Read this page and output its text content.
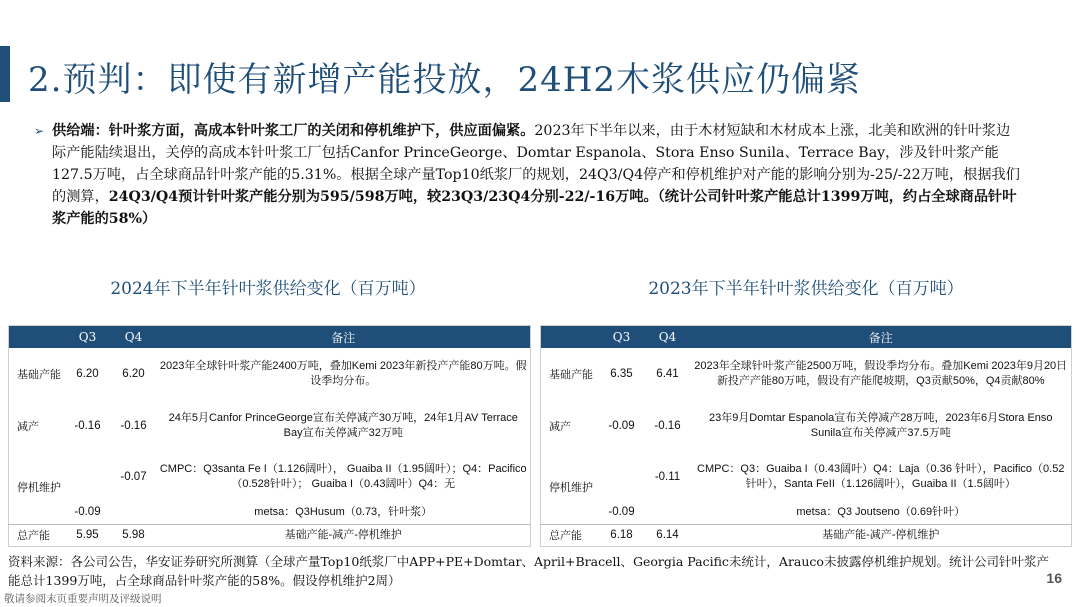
2.预判：即使有新增产能投放，24H2木浆供应仍偏紧
➢ 供给端：针叶浆方面，高成本针叶浆工厂的关闭和停机维护下，供应面偏紧。2023年下半年以来，由于木材短缺和木材成本上涨，北美和欧洲的针叶浆边际产能陆续退出，关停的高成本针叶浆工厂包括Canfor PrinceGeorge、Domtar Espanola、Stora Enso Sunila、Terrace Bay，涉及针叶浆产能127.5万吨，占全球商品针叶浆产能的5.31%。根据全球产量Top10纸浆厂的规划，24Q3/Q4停产和停机维护对产能的影响分别为-25/-22万吨，根据我们的测算，24Q3/Q4预计针叶浆产能分别为595/598万吨，较23Q3/23Q4分别-22/-16万吨。（统计公司针叶浆产能总计1399万吨，约占全球商品针叶浆产能的58%）
2024年下半年针叶浆供给变化（百万吨）	2023年下半年针叶浆供给变化（百万吨）
	Q3	Q4	备注
基础产能	6.20	6.20	2023年全球针叶浆产能2400万吨，叠加Kemi 2023年新投产产能80万吨。假设季均分布。
减产	-0.16	-0.16	24年5月Canfor PrinceGeorge宣布关停减产30万吨，24年1月AV Terrace Bay宣布关停减产32万吨
停机维护		-0.07	CMPC：Q3santa Fe I（1.126阔叶）， Guaiba II（1.95阔叶）；Q4：Pacifico（0.528针叶）； Guaiba I（0.43阔叶）Q4：无
	-0.09		metsa：Q3Husum（0.73，针叶浆）
总产能	5.95	5.98	基础产能-减产-停机维护
	Q3	Q4	备注
基础产能	6.35	6.41	2023年全球针叶浆产能2500万吨，假设季均分布。叠加Kemi 2023年9月20日新投产产能80万吨，假设有产能爬坡期，Q3贡献50%，Q4贡献80%
减产	-0.09	-0.16	23年9月Domtar Espanola宣布关停减产28万吨，2023年6月Stora Enso Sunila宣布关停减产37.5万吨
停机维护		-0.11	CMPC：Q3：Guaiba I（0.43阔叶）Q4：Laja（0.36 针叶），Pacifico（0.52针叶），Santa FeII（1.126阔叶），Guaiba II（1.5阔叶）
	-0.09		metsa：Q3 Joutseno（0.69针叶）
总产能	6.18	6.14	基础产能-减产-停机维护
资料来源：各公司公告，华安证券研究所测算（全球产量Top10纸浆厂中APP+PE+Domtar、April+Bracell、Georgia Pacific未统计，Arauco未披露停机维护规划。统计公司针叶浆产能总计1399万吨，占全球商品针叶浆产能的58%。假设停机维护2周）	16
敬请参阅末页重要声明及评级说明
